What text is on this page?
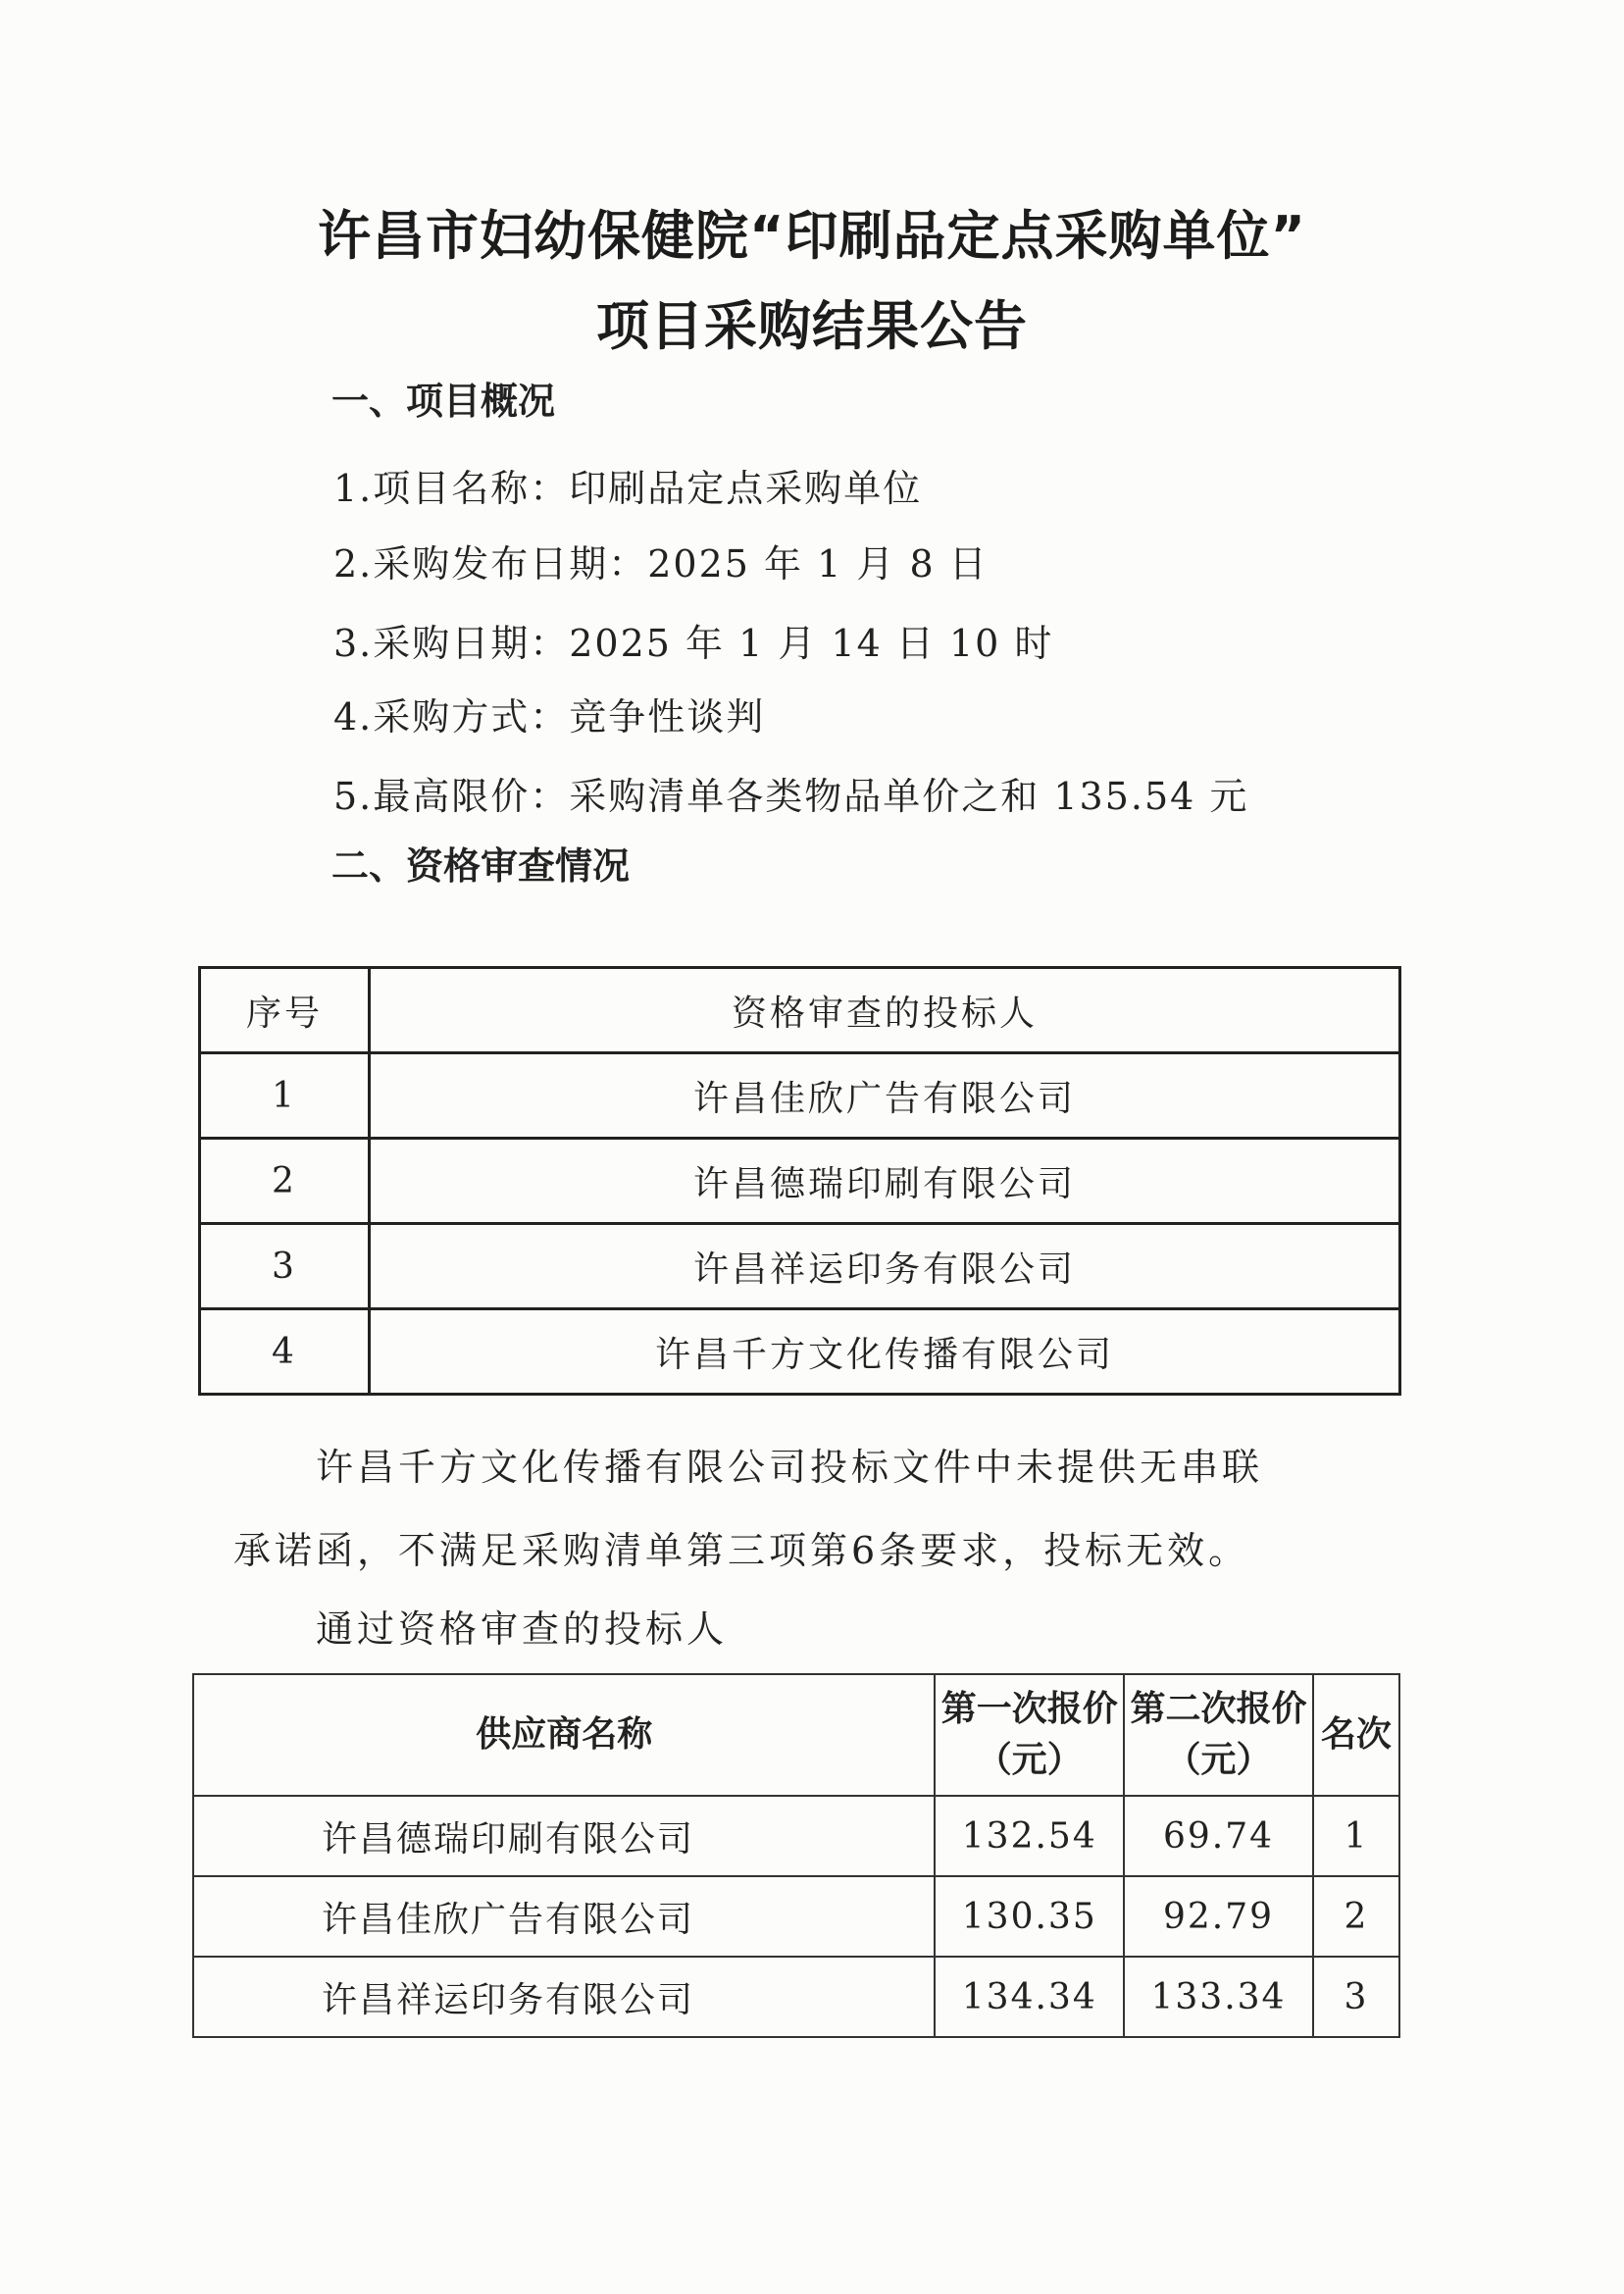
许昌市妇幼保健院“印刷品定点采购单位”
项目采购结果公告
一、项目概况
1.项目名称：印刷品定点采购单位
2.采购发布日期：2025 年 1 月 8 日
3.采购日期：2025 年 1 月 14 日 10 时
4.采购方式：竞争性谈判
5.最高限价：采购清单各类物品单价之和 135.54 元
二、资格审查情况
序号	资格审查的投标人
1	许昌佳欣广告有限公司
2	许昌德瑞印刷有限公司
3	许昌祥运印务有限公司
4	许昌千方文化传播有限公司
许昌千方文化传播有限公司投标文件中未提供无串联
承诺函，不满足采购清单第三项第6条要求，投标无效。
通过资格审查的投标人
供应商名称	第一次报价（元）	第二次报价（元）	名次
许昌德瑞印刷有限公司	132.54	69.74	1
许昌佳欣广告有限公司	130.35	92.79	2
许昌祥运印务有限公司	134.34	133.34	3
